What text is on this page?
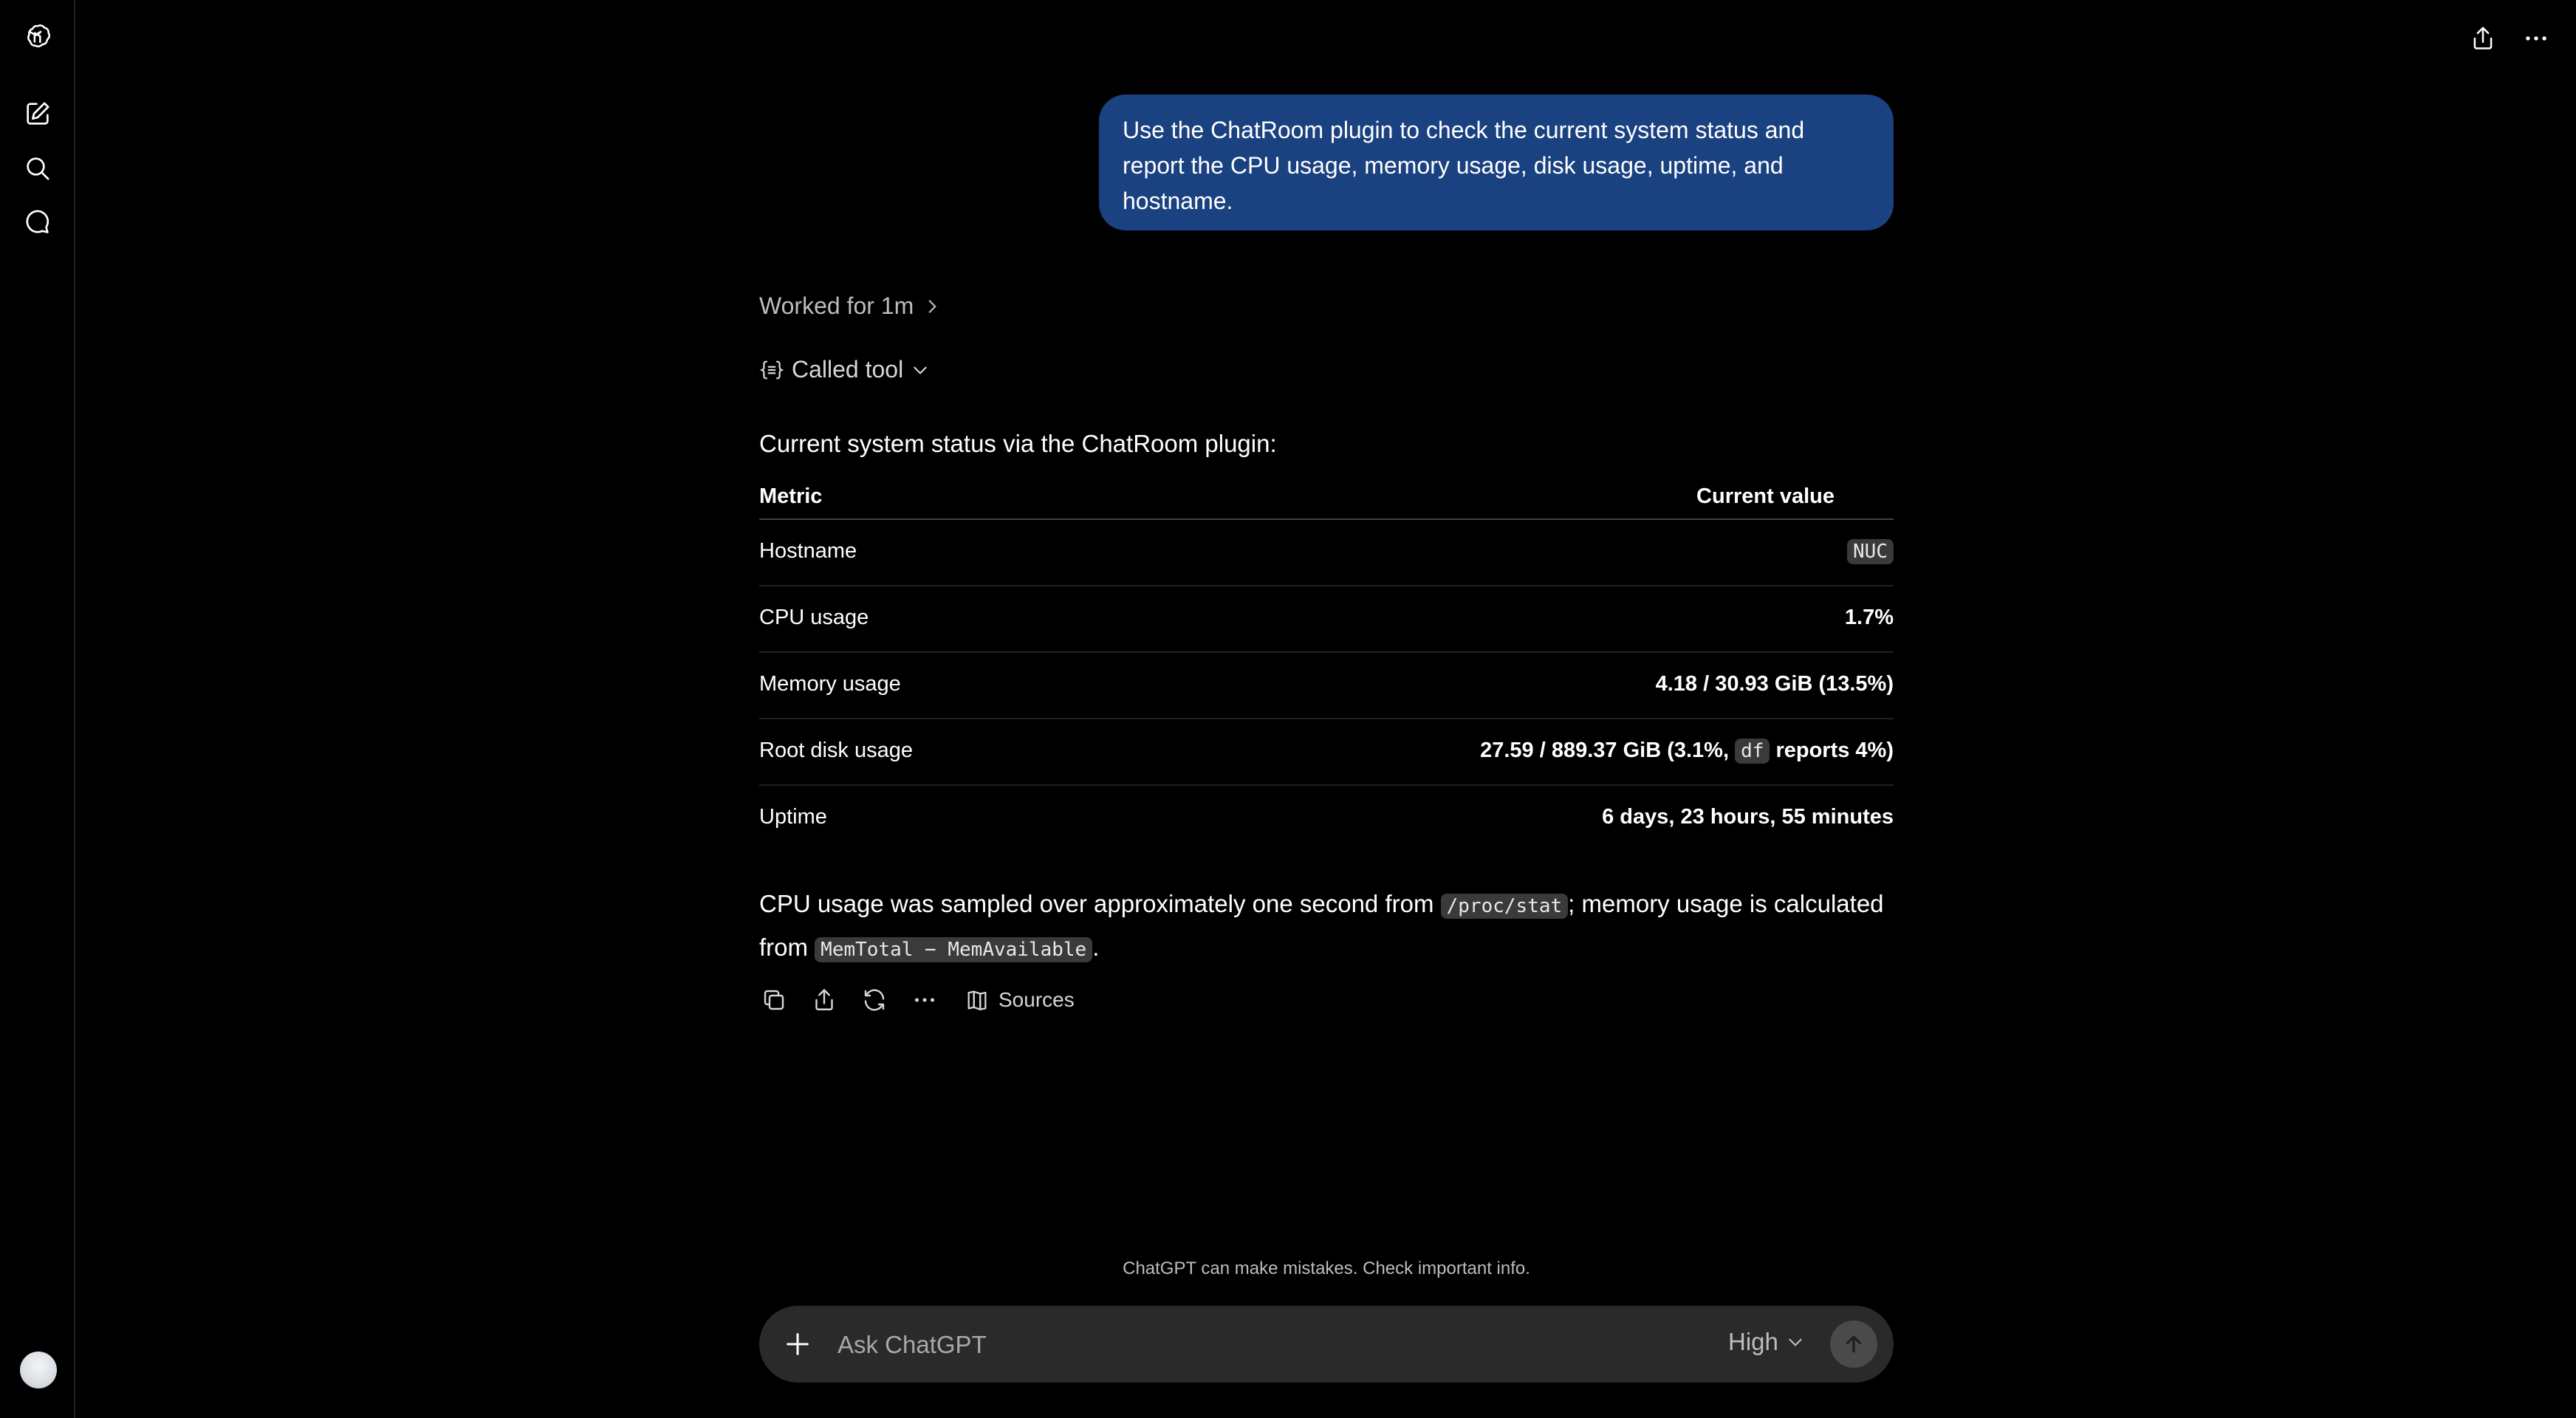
Use the ChatRoom plugin to check the current system status and report the CPU usage, memory usage, disk usage, uptime, and hostname.
Worked for 1m
Called tool
Current system status via the ChatRoom plugin:
Metric	Current value
Hostname	NUC
CPU usage	1.7%
Memory usage	4.18 / 30.93 GiB (13.5%)
Root disk usage	27.59 / 889.37 GiB (3.1%, df reports 4%)
Uptime	6 days, 23 hours, 55 minutes
CPU usage was sampled over approximately one second from /proc/stat ; memory usage is calculated from MemTotal − MemAvailable .
Sources
ChatGPT can make mistakes. Check important info.
Ask ChatGPT
High
